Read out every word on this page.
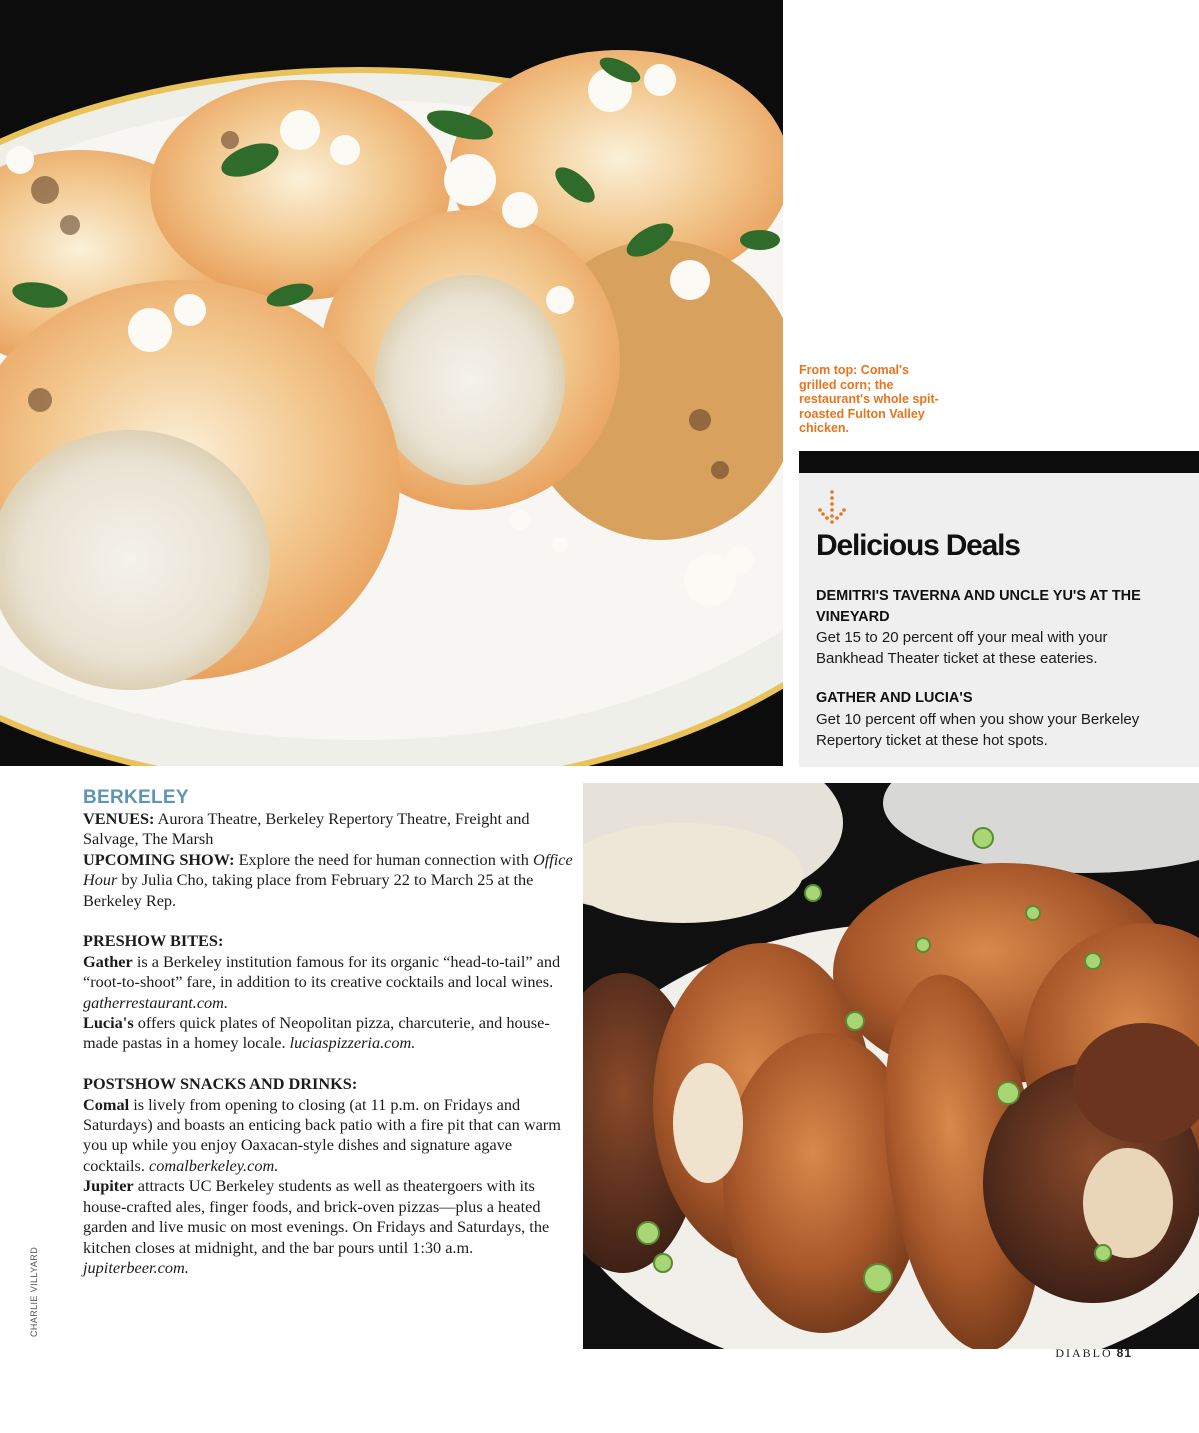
From top: Comal's grilled corn; the restaurant's whole spit-roasted Fulton Valley chicken.
Delicious Deals
DEMITRI'S TAVERNA AND UNCLE YU'S AT THE VINEYARD
Get 15 to 20 percent off your meal with your Bankhead Theater ticket at these eateries.
GATHER AND LUCIA'S
Get 10 percent off when you show your Berkeley Repertory ticket at these hot spots.
BERKELEY

VENUES: Aurora Theatre, Berkeley Repertory Theatre, Freight and Salvage, The Marsh

UPCOMING SHOW: Explore the need for human connection with Office Hour by Julia Cho, taking place from February 22 to March 25 at the Berkeley Rep.

PRESHOW BITES:

Gather is a Berkeley institution famous for its organic “head-to-tail” and “root-to-shoot” fare, in addition to its creative cocktails and local wines. gatherrestaurant.com.

Lucia's offers quick plates of Neopolitan pizza, charcuterie, and house-made pastas in a homey locale. luciaspizzeria.com.

POSTSHOW SNACKS AND DRINKS:

Comal is lively from opening to closing (at 11 p.m. on Fridays and Saturdays) and boasts an enticing back patio with a fire pit that can warm you up while you enjoy Oaxacan-style dishes and signature agave cocktails. comalberkeley.com.

Jupiter attracts UC Berkeley students as well as theatergoers with its house-crafted ales, finger foods, and brick-oven pizzas—plus a heated garden and live music on most evenings. On Fridays and Saturdays, the kitchen closes at midnight, and the bar pours until 1:30 a.m. jupiterbeer.com.

CHARLIE VILLYARD
DIABLO 81
